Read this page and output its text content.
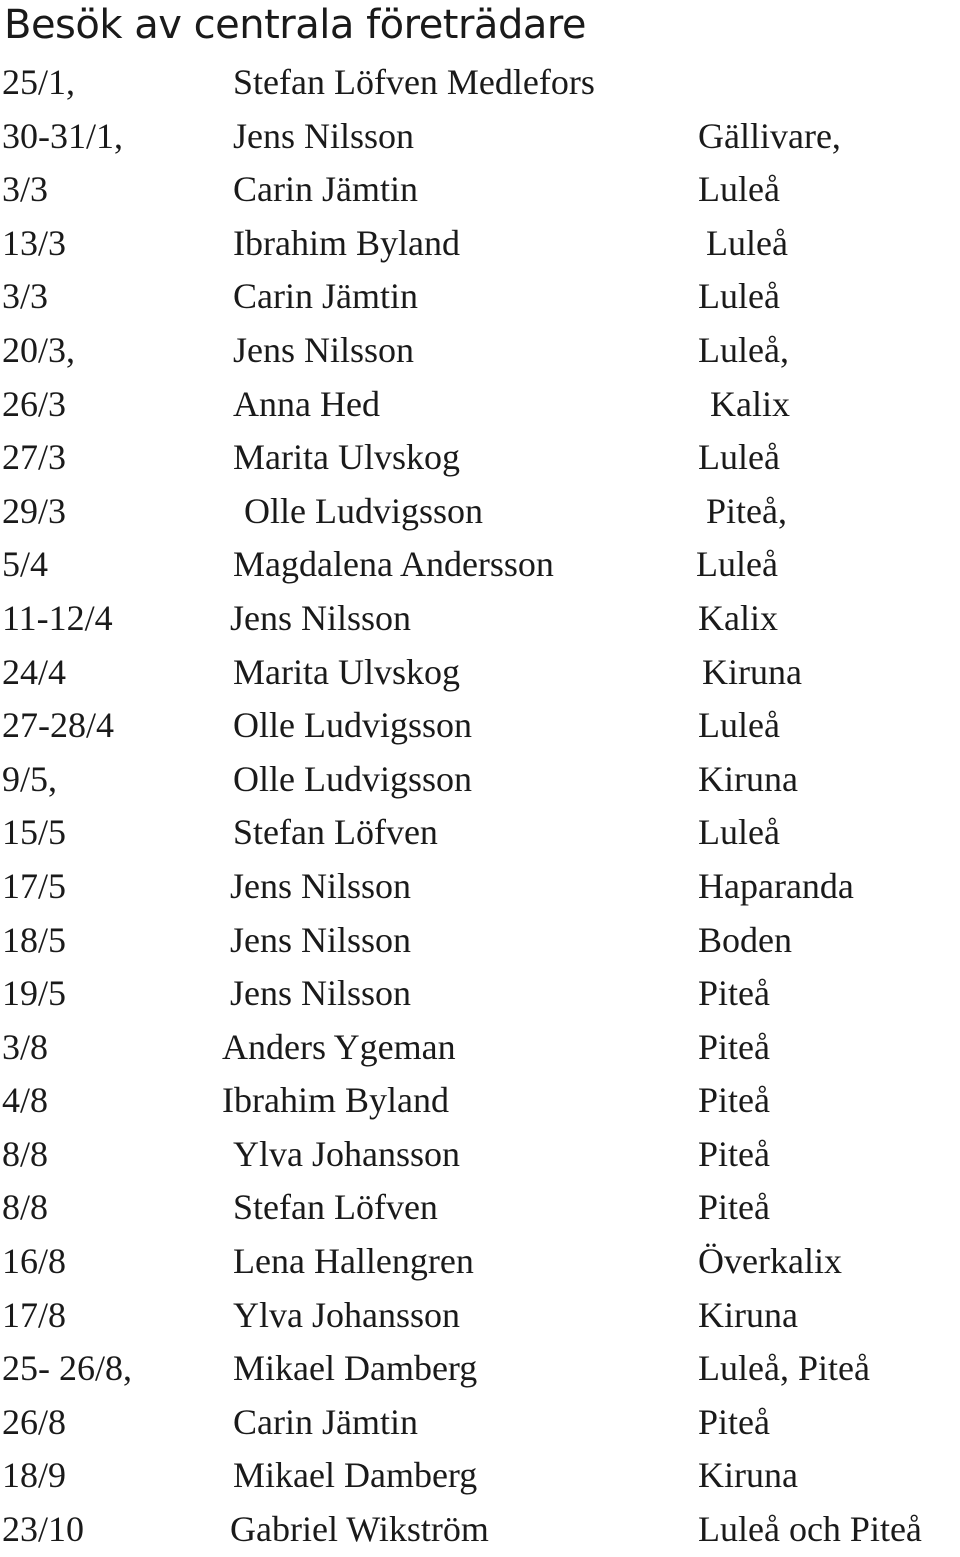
Besök av centrala företrädare
25/1,	Stefan Löfven Medlefors
30-31/1,	Jens Nilsson	Gällivare,
3/3	Carin Jämtin	Luleå
13/3	Ibrahim Byland	Luleå
3/3	Carin Jämtin	Luleå
20/3,	Jens Nilsson	Luleå,
26/3	Anna Hed	Kalix
27/3	Marita Ulvskog	Luleå
29/3	Olle Ludvigsson	Piteå,
5/4	Magdalena Andersson	Luleå
11-12/4	Jens Nilsson	Kalix
24/4	Marita Ulvskog	Kiruna
27-28/4	Olle Ludvigsson	Luleå
9/5,	Olle Ludvigsson	Kiruna
15/5	Stefan Löfven	Luleå
17/5	Jens Nilsson	Haparanda
18/5	Jens Nilsson	Boden
19/5	Jens Nilsson	Piteå
3/8	Anders Ygeman	Piteå
4/8	Ibrahim Byland	Piteå
8/8	Ylva Johansson	Piteå
8/8	Stefan Löfven	Piteå
16/8	Lena Hallengren	Överkalix
17/8	Ylva Johansson	Kiruna
25- 26/8,	Mikael Damberg	Luleå, Piteå
26/8	Carin Jämtin	Piteå
18/9	Mikael Damberg	Kiruna
23/10	Gabriel Wikström	Luleå och Piteå
